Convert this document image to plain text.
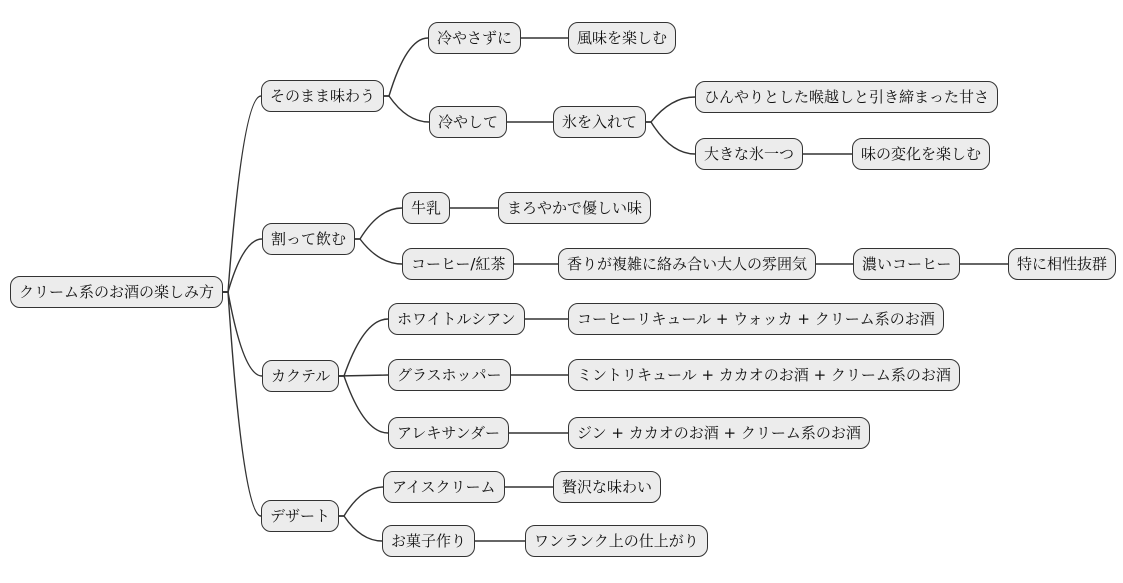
クリーム系のお酒の楽しみ方
そのまま味わう
冷やさずに	風味を楽しむ
冷やして	氷を入れて
ひんやりとした喉越しと引き締まった甘さ
大きな氷一つ	味の変化を楽しむ
割って飲む
牛乳	まろやかで優しい味
コーヒー/紅茶	香りが複雑に絡み合い大人の雰囲気	濃いコーヒー	特に相性抜群
カクテル
ホワイトルシアン	コーヒーリキュール + ウォッカ + クリーム系のお酒
グラスホッパー	ミントリキュール + カカオのお酒 + クリーム系のお酒
アレキサンダー	ジン + カカオのお酒 + クリーム系のお酒
デザート
アイスクリーム	贅沢な味わい
お菓子作り	ワンランク上の仕上がり
